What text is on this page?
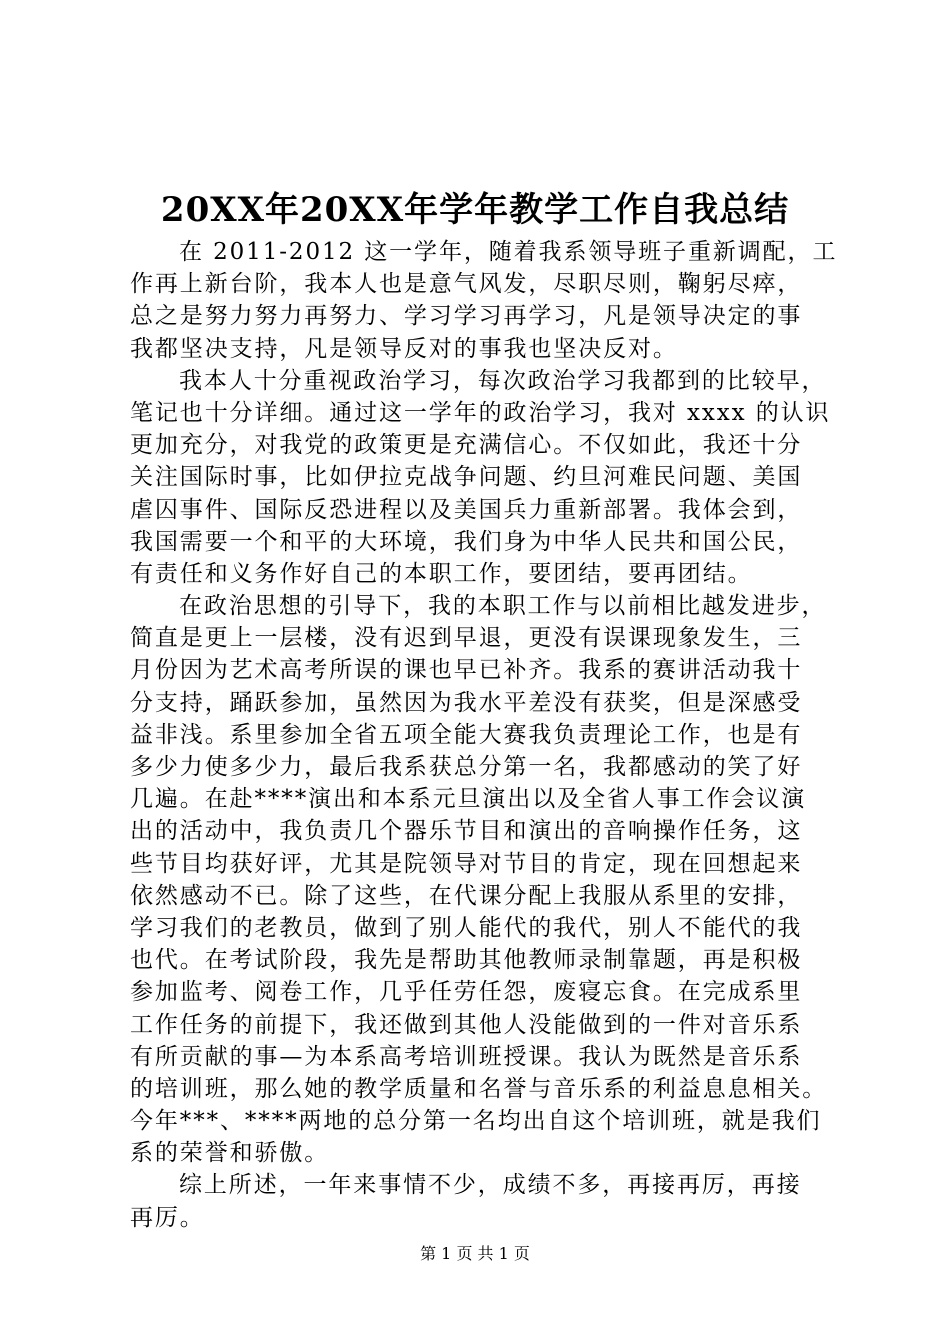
20XX年20XX年学年教学工作自我总结
在 2011-2012 这一学年，随着我系领导班子重新调配，工
作再上新台阶，我本人也是意气风发，尽职尽则，鞠躬尽瘁，
总之是努力努力再努力、学习学习再学习，凡是领导决定的事
我都坚决支持，凡是领导反对的事我也坚决反对。
我本人十分重视政治学习，每次政治学习我都到的比较早，
笔记也十分详细。通过这一学年的政治学习，我对 xxxx 的认识
更加充分，对我党的政策更是充满信心。不仅如此，我还十分
关注国际时事，比如伊拉克战争问题、约旦河难民问题、美国
虐囚事件、国际反恐进程以及美国兵力重新部署。我体会到，
我国需要一个和平的大环境，我们身为中华人民共和国公民，
有责任和义务作好自己的本职工作，要团结，要再团结。
在政治思想的引导下，我的本职工作与以前相比越发进步，
简直是更上一层楼，没有迟到早退，更没有误课现象发生，三
月份因为艺术高考所误的课也早已补齐。我系的赛讲活动我十
分支持，踊跃参加，虽然因为我水平差没有获奖，但是深感受
益非浅。系里参加全省五项全能大赛我负责理论工作，也是有
多少力使多少力，最后我系获总分第一名，我都感动的笑了好
几遍。在赴****演出和本系元旦演出以及全省人事工作会议演
出的活动中，我负责几个器乐节目和演出的音响操作任务，这
些节目均获好评，尤其是院领导对节目的肯定，现在回想起来
依然感动不已。除了这些，在代课分配上我服从系里的安排，
学习我们的老教员，做到了别人能代的我代，别人不能代的我
也代。在考试阶段，我先是帮助其他教师录制靠题，再是积极
参加监考、阅卷工作，几乎任劳任怨，废寝忘食。在完成系里
工作任务的前提下，我还做到其他人没能做到的一件对音乐系
有所贡献的事—为本系高考培训班授课。我认为既然是音乐系
的培训班，那么她的教学质量和名誉与音乐系的利益息息相关。
今年***、****两地的总分第一名均出自这个培训班，就是我们
系的荣誉和骄傲。
综上所述，一年来事情不少，成绩不多，再接再厉，再接
再厉。
第 1 页 共 1 页
